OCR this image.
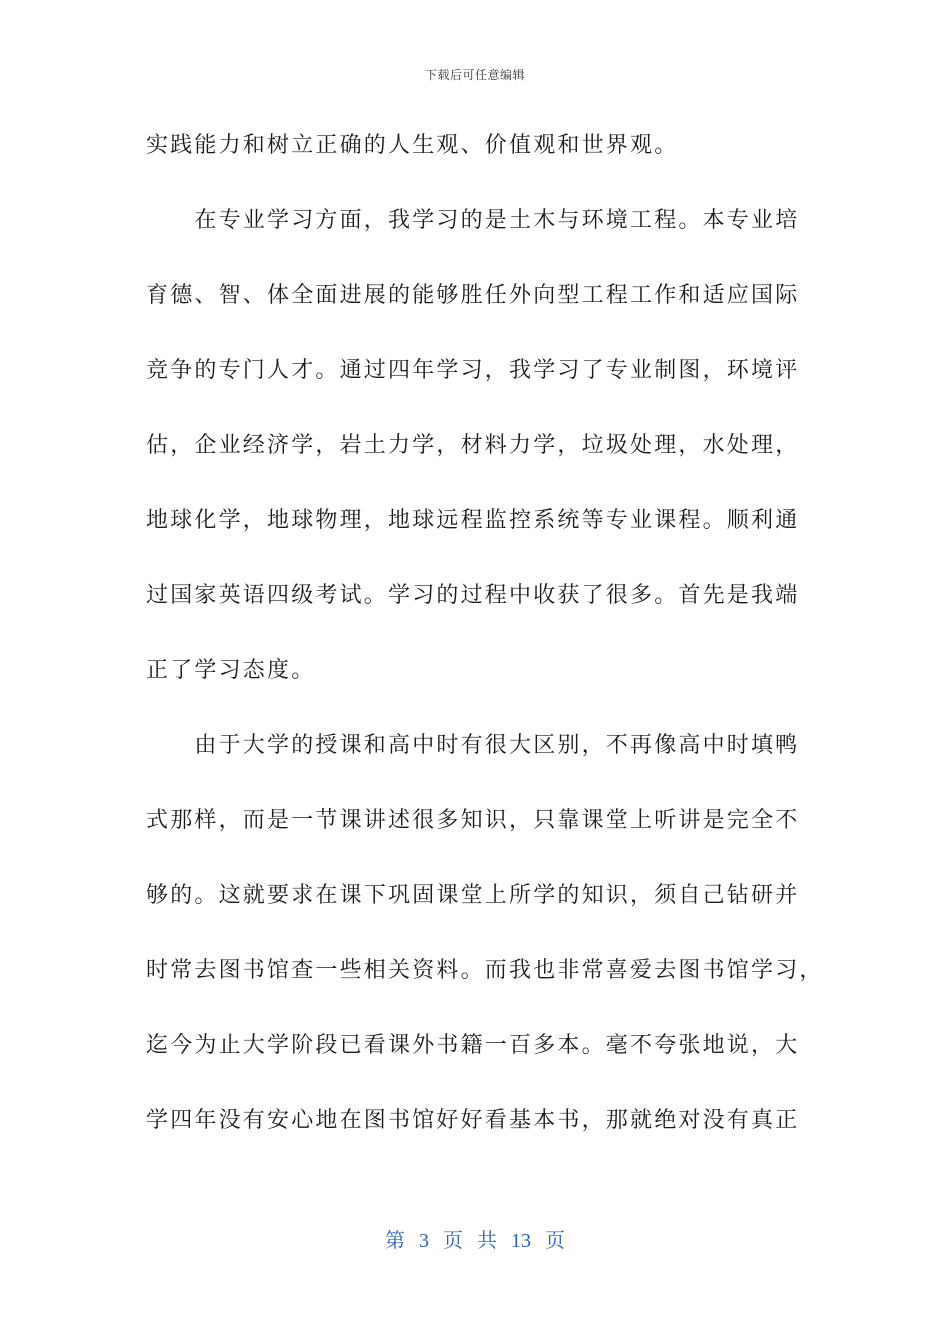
下载后可任意编辑
实践能力和树立正确的人生观、价值观和世界观。
　　在专业学习方面，我学习的是土木与环境工程。本专业培
育德、智、体全面进展的能够胜任外向型工程工作和适应国际
竞争的专门人才。通过四年学习，我学习了专业制图，环境评
估，企业经济学，岩土力学，材料力学，垃圾处理，水处理，
地球化学，地球物理，地球远程监控系统等专业课程。顺利通
过国家英语四级考试。学习的过程中收获了很多。首先是我端
正了学习态度。
　　由于大学的授课和高中时有很大区别，不再像高中时填鸭
式那样，而是一节课讲述很多知识，只靠课堂上听讲是完全不
够的。这就要求在课下巩固课堂上所学的知识，须自己钻研并
时常去图书馆查一些相关资料。而我也非常喜爱去图书馆学习，
迄今为止大学阶段已看课外书籍一百多本。毫不夸张地说，大
学四年没有安心地在图书馆好好看基本书，那就绝对没有真正
第 3 页 共 13 页
